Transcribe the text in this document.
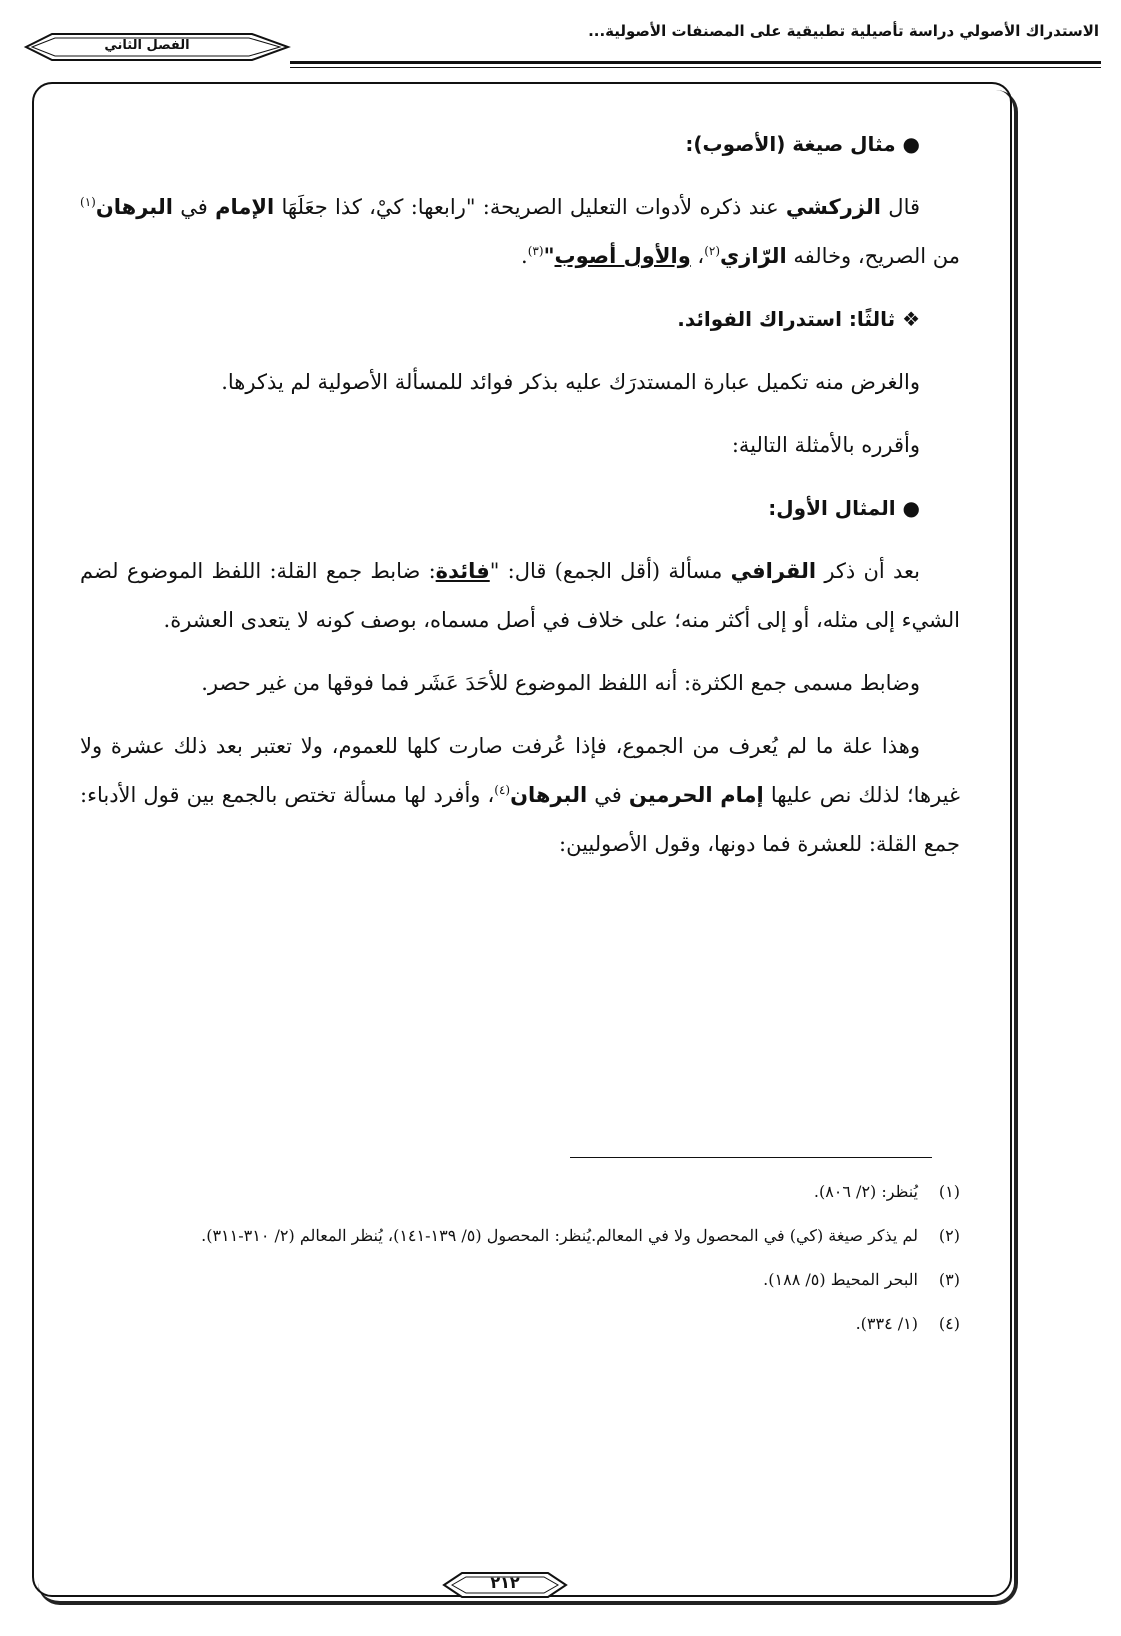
الاستدراك الأصولي دراسة تأصيلية تطبيقية على المصنفات الأصولية...
الفصل الثاني

● مثال صيغة (الأصوب):

قال الزركشي عند ذكره لأدوات التعليل الصريحة: "رابعها: كيْ، كذا جعَلَهَا الإمام في البرهان$^{(١)}$ من الصريح، وخالفه الرّازي$^{(٢)}$، والأول أصوب"$^{(٣)}$.

❖ ثالثًا: استدراك الفوائد.

والغرض منه تكميل عبارة المستدرَك عليه بذكر فوائد للمسألة الأصولية لم يذكرها.

وأقرره بالأمثلة التالية:

● المثال الأول:

بعد أن ذكر القرافي مسألة (أقل الجمع) قال: "فائدة: ضابط جمع القلة: اللفظ الموضوع لضم الشيء إلى مثله، أو إلى أكثر منه؛ على خلاف في أصل مسماه، بوصف كونه لا يتعدى العشرة.

وضابط مسمى جمع الكثرة: أنه اللفظ الموضوع للأحَدَ عَشَر فما فوقها من غير حصر.

وهذا علة ما لم يُعرف من الجموع، فإذا عُرفت صارت كلها للعموم، ولا تعتبر بعد ذلك عشرة ولا غيرها؛ لذلك نص عليها إمام الحرمين في البرهان$^{(٤)}$، وأفرد لها مسألة تختص بالجمع بين قول الأدباء: جمع القلة: للعشرة فما دونها، وقول الأصوليين:

(١)
يُنظر: (٢/ ٨٠٦).
(٢)
لم يذكر صيغة (كي) في المحصول ولا في المعالم.يُنظر: المحصول (٥/ ١٣٩-١٤١)، يُنظر المعالم (٢/ ٣١٠-٣١١).
(٣)
البحر المحيط (٥/ ١٨٨).
(٤)
(١/ ٣٣٤).
٢١٢
